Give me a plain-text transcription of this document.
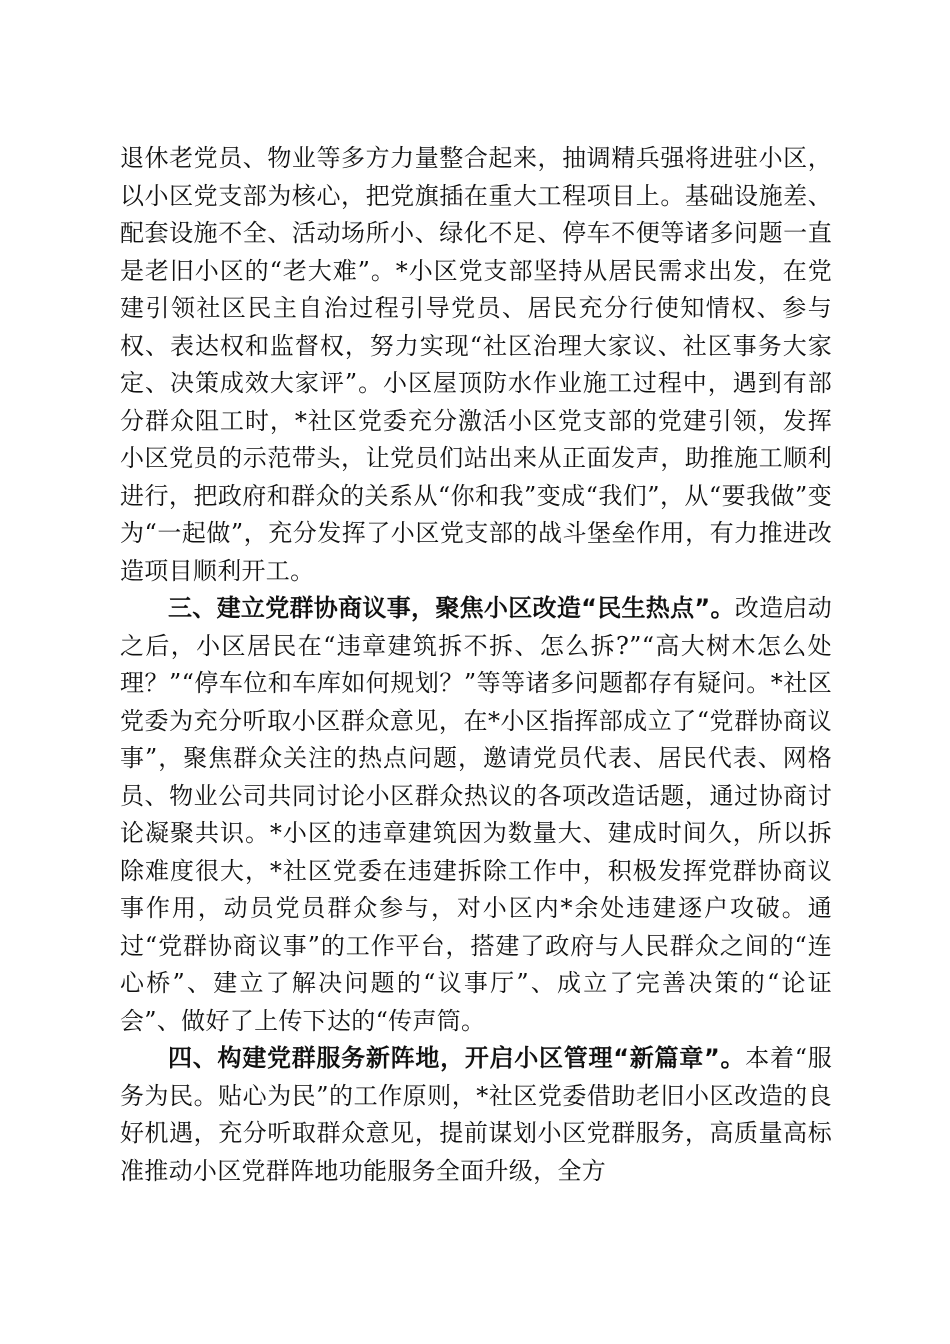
退休老党员、物业等多方力量整合起来，抽调精兵强将进驻小区，以小区党支部为核心，把党旗插在重大工程项目上。基础设施差、配套设施不全、活动场所小、绿化不足、停车不便等诸多问题一直是老旧小区的“老大难”。*小区党支部坚持从居民需求出发，在党建引领社区民主自治过程引导党员、居民充分行使知情权、参与权、表达权和监督权，努力实现“社区治理大家议、社区事务大家定、决策成效大家评”。小区屋顶防水作业施工过程中，遇到有部分群众阻工时，*社区党委充分激活小区党支部的党建引领，发挥小区党员的示范带头，让党员们站出来从正面发声，助推施工顺利进行，把政府和群众的关系从“你和我”变成“我们”，从“要我做”变为“一起做”，充分发挥了小区党支部的战斗堡垒作用，有力推进改造项目顺利开工。

三、建立党群协商议事，聚焦小区改造“民生热点”。改造启动之后，小区居民在“违章建筑拆不拆、怎么拆?”“高大树木怎么处理？”“停车位和车库如何规划？”等等诸多问题都存有疑问。*社区党委为充分听取小区群众意见，在*小区指挥部成立了“党群协商议事”，聚焦群众关注的热点问题，邀请党员代表、居民代表、网格员、物业公司共同讨论小区群众热议的各项改造话题，通过协商讨论凝聚共识。*小区的违章建筑因为数量大、建成时间久，所以拆除难度很大，*社区党委在违建拆除工作中，积极发挥党群协商议事作用，动员党员群众参与，对小区内*余处违建逐户攻破。通过“党群协商议事”的工作平台，搭建了政府与人民群众之间的“连心桥”、建立了解决问题的“议事厅”、成立了完善决策的“论证会”、做好了上传下达的“传声筒。

四、构建党群服务新阵地，开启小区管理“新篇章”。本着“服务为民。贴心为民”的工作原则，*社区党委借助老旧小区改造的良好机遇，充分听取群众意见，提前谋划小区党群服务，高质量高标准推动小区党群阵地功能服务全面升级，全方
